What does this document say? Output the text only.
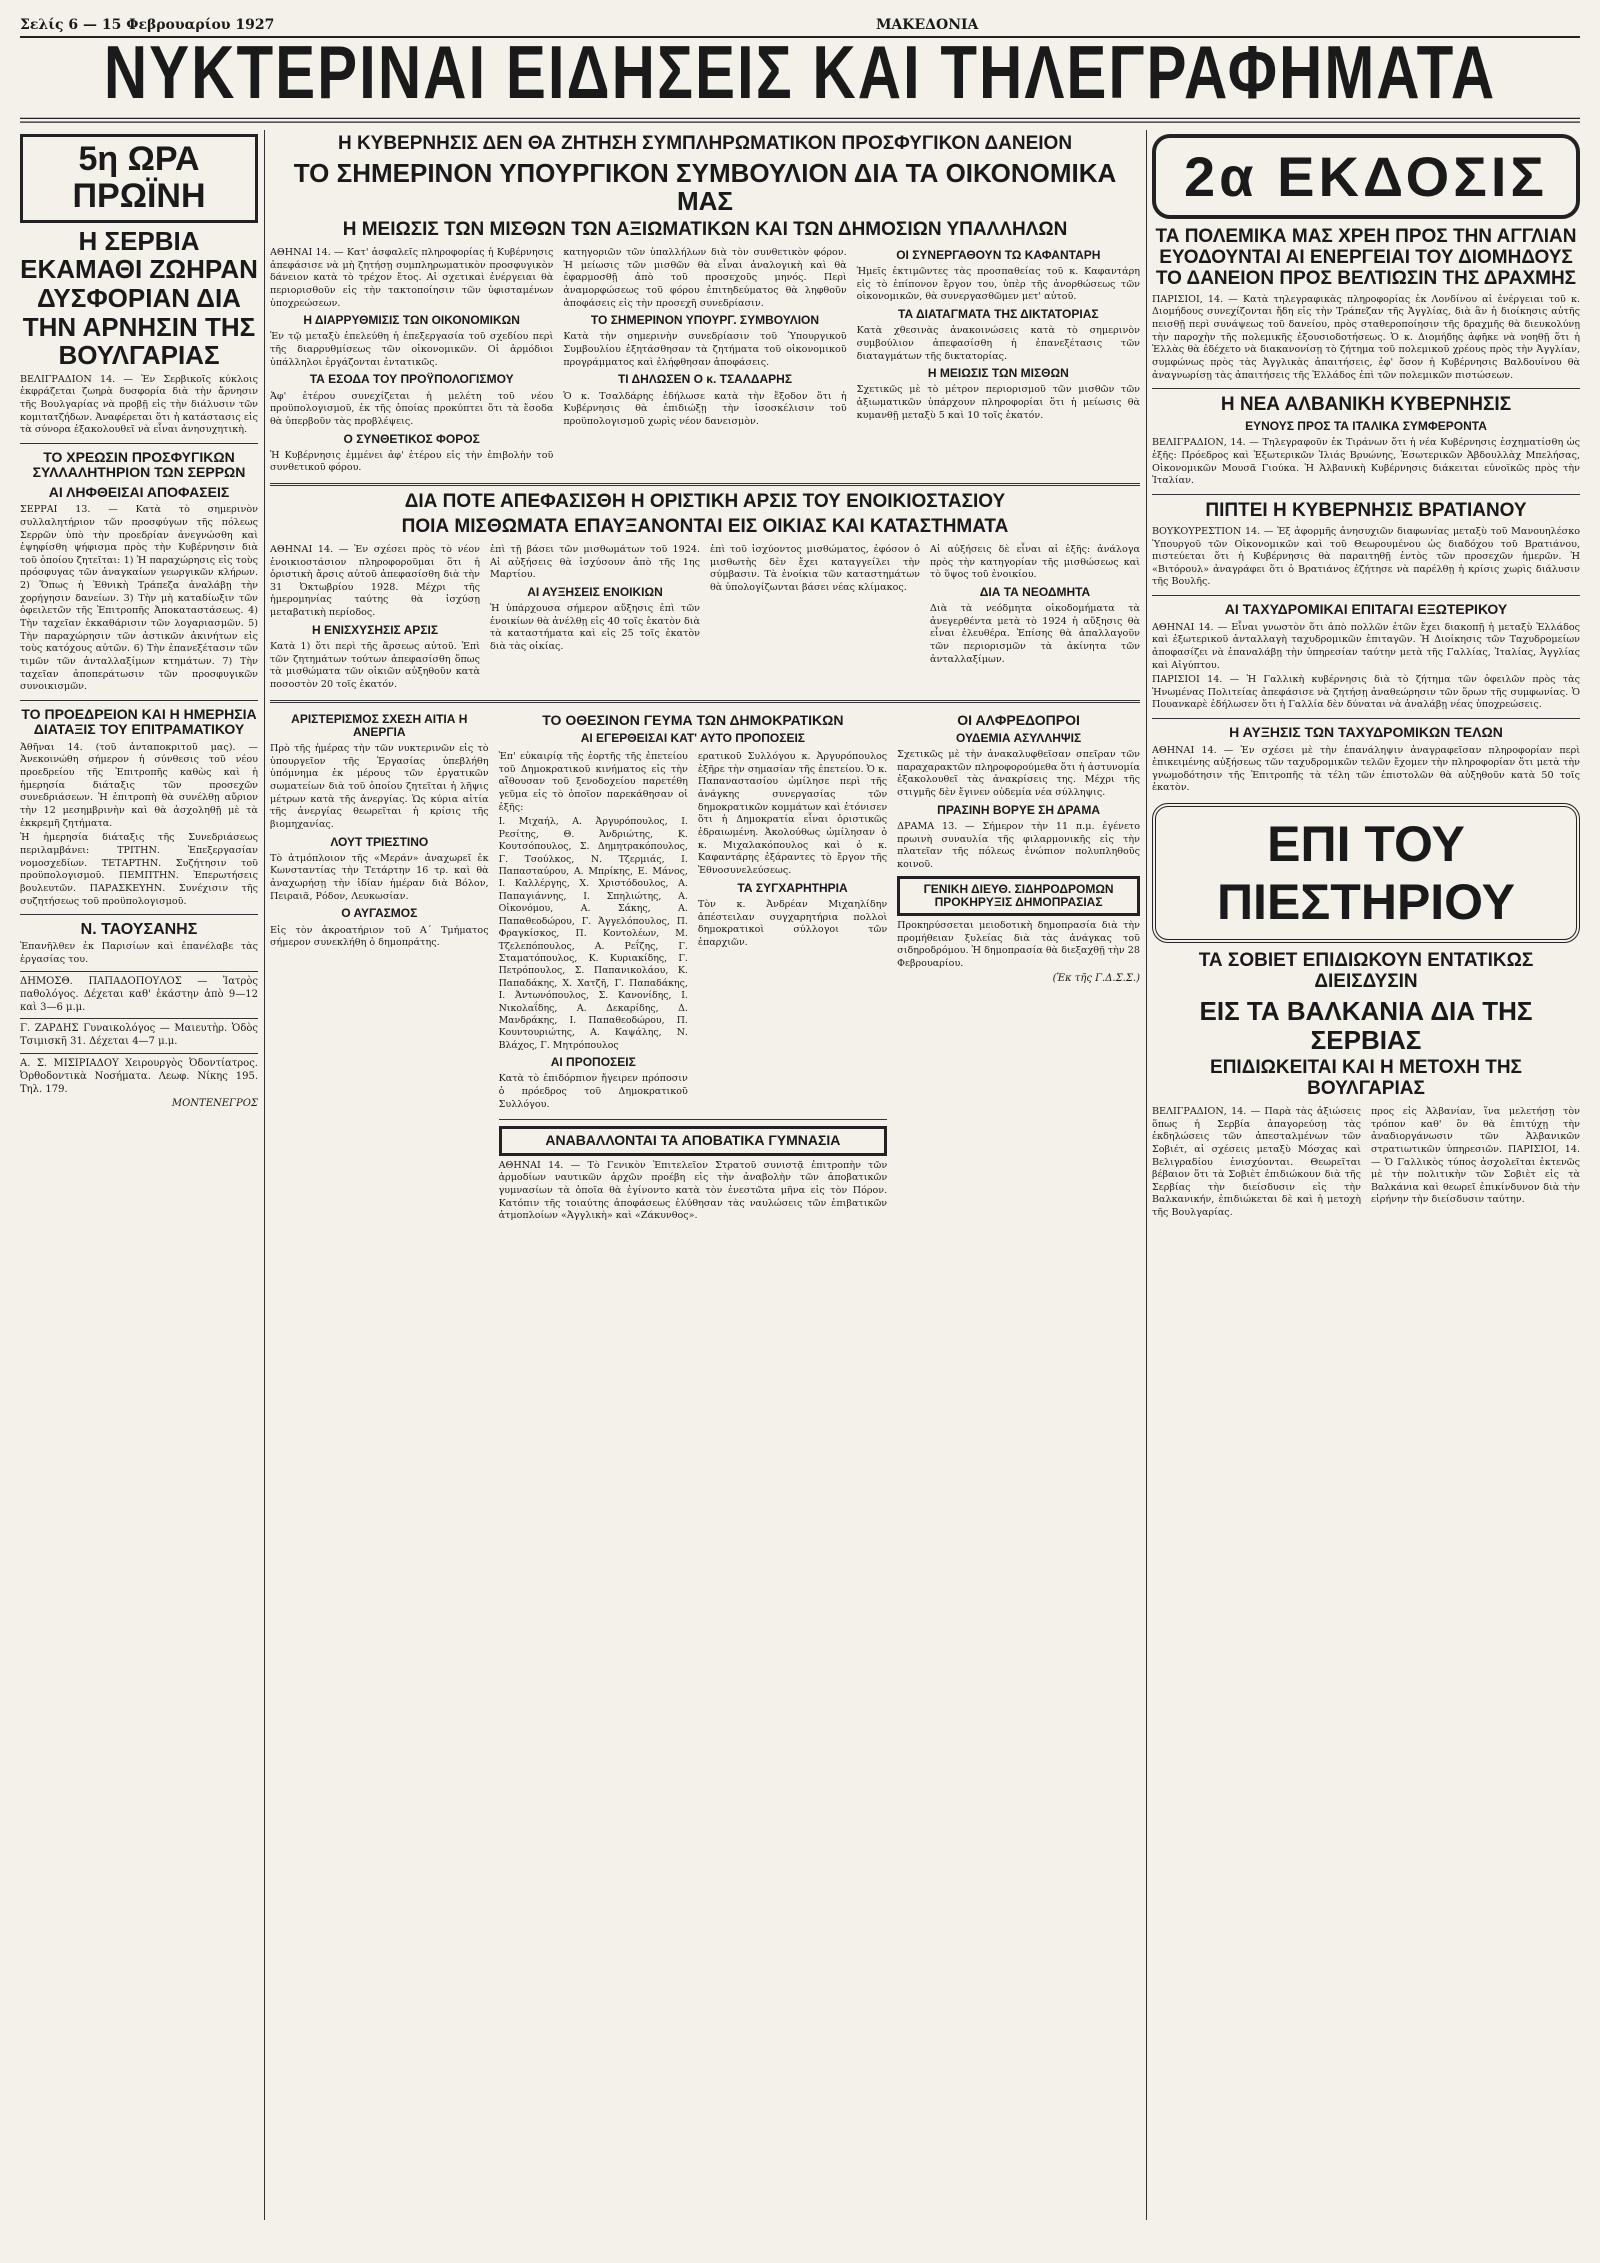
Σελίς 6 — 15 Φεβρουαρίου 1927	ΜΑΚΕΔΟΝΙΑ
ΝΥΚΤΕΡΙΝΑΙ ΕΙΔΗΣΕΙΣ ΚΑΙ ΤΗΛΕΓΡΑΦΗΜΑΤΑ
5η ΩΡΑ ΠΡΩΪΝΗ
Η ΣΕΡΒΙΑ ΕΚΑΜΑΘΙ ΖΩΗΡΑΝ ΔΥΣΦΟΡΙΑΝ ΔΙΑ ΤΗΝ ΑΡΝΗΣΙΝ ΤΗΣ ΒΟΥΛΓΑΡΙΑΣ

ΒΕΛΙΓΡΑΔΙΟΝ 14. — Ἐν Σερβικοῖς κύκλοις ἐκφράζεται ζωηρὰ δυσφορία διὰ τὴν ἄρνησιν τῆς Βουλγαρίας νὰ προβῇ εἰς τὴν διάλυσιν τῶν κομιτατζήδων. Ἀναφέρεται ὅτι ἡ κατάστασις εἰς τὰ σύνορα ἐξακολουθεῖ νὰ εἶναι ἀνησυχητικὴ.

ΤΟ ΧΡΕΩΣΙΝ ΠΡΟΣΦΥΓΙΚΩΝ ΣΥΛΛΑΛΗΤΗΡΙΟΝ ΤΩΝ ΣΕΡΡΩΝ
ΑΙ ΛΗΦΘΕΙΣΑΙ ΑΠΟΦΑΣΕΙΣ

ΣΕΡΡΑΙ 13. — Κατὰ τὸ σημερινὸν συλλαλητήριον τῶν προσφύγων τῆς πόλεως Σερρῶν ὑπὸ τὴν προεδρίαν ἀνεγνώσθη καὶ ἐψηφίσθη ψήφισμα πρὸς τὴν Κυβέρνησιν διὰ τοῦ ὁποίου ζητεῖται: 1) Ἡ παραχώρησις εἰς τοὺς πρόσφυγας τῶν ἀναγκαίων γεωργικῶν κλήρων. 2) Ὅπως ἡ Ἐθνικὴ Τράπεζα ἀναλάβῃ τὴν χορήγησιν δανείων. 3) Τὴν μὴ καταδίωξιν τῶν ὀφειλετῶν τῆς Ἐπιτροπῆς Ἀποκαταστάσεως. 4) Τὴν ταχεῖαν ἐκκαθάρισιν τῶν λογαριασμῶν. 5) Τὴν παραχώρησιν τῶν ἀστικῶν ἀκινήτων εἰς τοὺς κατόχους αὐτῶν. 6) Τὴν ἐπανεξέτασιν τῶν τιμῶν τῶν ἀνταλλαξίμων κτημάτων. 7) Τὴν ταχεῖαν ἀποπεράτωσιν τῶν προσφυγικῶν συνοικισμῶν.

ΤΟ ΠΡΟΕΔΡΕΙΟΝ ΚΑΙ Η ΗΜΕΡΗΣΙΑ ΔΙΑΤΑΞΙΣ ΤΟΥ ΕΠΙΤΡΑΜΑΤΙΚΟΥ

Ἀθῆναι 14. (τοῦ ἀνταποκριτοῦ μας). — Ἀνεκοινώθη σήμερον ἡ σύνθεσις τοῦ νέου προεδρείου τῆς Ἐπιτροπῆς καθὼς καὶ ἡ ἡμερησία διάταξις τῶν προσεχῶν συνεδριάσεων. Ἡ ἐπιτροπὴ θὰ συνέλθῃ αὔριον τὴν 12 μεσημβρινὴν καὶ θὰ ἀσχοληθῇ μὲ τὰ ἐκκρεμῆ ζητήματα.

Ἡ ἡμερησία διάταξις τῆς Συνεδριάσεως περιλαμβάνει: ΤΡΙΤΗΝ. Ἐπεξεργασίαν νομοσχεδίων. ΤΕΤΑΡΤΗΝ. Συζήτησιν τοῦ προϋπολογισμοῦ. ΠΕΜΠΤΗΝ. Ἐπερωτήσεις βουλευτῶν. ΠΑΡΑΣΚΕΥΗΝ. Συνέχισιν τῆς συζητήσεως τοῦ προϋπολογισμοῦ.

Ν. ΤΑΟΥΣΑΝΗΣ

Ἐπανῆλθεν ἐκ Παρισίων καὶ ἐπανέλαβε τὰς ἐργασίας του.

ΔΗΜΟΣΘ. ΠΑΠΑΔΟΠΟΥΛΟΣ — Ἰατρὸς παθολόγος. Δέχεται καθ' ἑκάστην ἀπὸ 9—12 καὶ 3—6 μ.μ.

Γ. ΖΑΡΔΗΣ Γυναικολόγος — Μαιευτὴρ. Ὁδὸς Τσιμισκῆ 31. Δέχεται 4—7 μ.μ.

Α. Σ. ΜΙΣΙΡΙΑΔΟΥ Χειρουργὸς Ὀδοντίατρος. Ὀρθοδοντικὰ Νοσήματα. Λεωφ. Νίκης 195. Τηλ. 179.

ΜΟΝΤΕΝΕΓΡΟΣ
Η ΚΥΒΕΡΝΗΣΙΣ ΔΕΝ ΘΑ ΖΗΤΗΣΗ ΣΥΜΠΛΗΡΩΜΑΤΙΚΟΝ ΠΡΟΣΦΥΓΙΚΟΝ ΔΑΝΕΙΟΝ
ΤΟ ΣΗΜΕΡΙΝΟΝ ΥΠΟΥΡΓΙΚΟΝ ΣΥΜΒΟΥΛΙΟΝ ΔΙΑ ΤΑ ΟΙΚΟΝΟΜΙΚΑ ΜΑΣ
Η ΜΕΙΩΣΙΣ ΤΩΝ ΜΙΣΘΩΝ ΤΩΝ ΑΞΙΩΜΑΤΙΚΩΝ ΚΑΙ ΤΩΝ ΔΗΜΟΣΙΩΝ ΥΠΑΛΛΗΛΩΝ

ΑΘΗΝΑΙ 14. — Κατ' ἀσφαλεῖς πληροφορίας ἡ Κυβέρνησις ἀπεφάσισε νὰ μὴ ζητήσῃ συμπληρωματικὸν προσφυγικὸν δάνειον κατὰ τὸ τρέχον ἔτος. Αἱ σχετικαὶ ἐνέργειαι θὰ περιορισθοῦν εἰς τὴν τακτοποίησιν τῶν ὑφισταμένων ὑποχρεώσεων.

Η ΔΙΑΡΡΥΘΜΙΣΙΣ ΤΩΝ ΟΙΚΟΝΟΜΙΚΩΝ

Ἐν τῷ μεταξὺ ἐπελεύθη ἡ ἐπεξεργασία τοῦ σχεδίου περὶ τῆς διαρρυθμίσεως τῶν οἰκονομικῶν. Οἱ ἁρμόδιοι ὑπάλληλοι ἐργάζονται ἐντατικῶς.

ΤΑ ΕΣΟΔΑ ΤΟΥ ΠΡΟΫΠΟΛΟΓΙΣΜΟΥ

Ἀφ' ἑτέρου συνεχίζεται ἡ μελέτη τοῦ νέου προϋπολογισμοῦ, ἐκ τῆς ὁποίας προκύπτει ὅτι τὰ ἔσοδα θὰ ὑπερβοῦν τὰς προβλέψεις.

Ο ΣΥΝΘΕΤΙΚΟΣ ΦΟΡΟΣ

Ἡ Κυβέρνησις ἐμμένει ἀφ' ἑτέρου εἰς τὴν ἐπιβολὴν τοῦ συνθετικοῦ φόρου.

κατηγοριῶν τῶν ὑπαλλήλων διὰ τὸν συνθετικὸν φόρον. Ἡ μείωσις τῶν μισθῶν θὰ εἶναι ἀναλογικὴ καὶ θὰ ἐφαρμοσθῇ ἀπὸ τοῦ προσεχοῦς μηνός. Περὶ ἀναμορφώσεως τοῦ φόρου ἐπιτηδεύματος θὰ ληφθοῦν ἀποφάσεις εἰς τὴν προσεχῆ συνεδρίασιν.

ΤΟ ΣΗΜΕΡΙΝΟΝ ΥΠΟΥΡΓ. ΣΥΜΒΟΥΛΙΟΝ

Κατὰ τὴν σημερινὴν συνεδρίασιν τοῦ Ὑπουργικοῦ Συμβουλίου ἐξητάσθησαν τὰ ζητήματα τοῦ οἰκονομικοῦ προγράμματος καὶ ἐλήφθησαν ἀποφάσεις.

ΤΙ ΔΗΛΩΣΕΝ Ο κ. ΤΣΑΛΔΑΡΗΣ

Ὁ κ. Τσαλδάρης ἐδήλωσε κατὰ τὴν ἔξοδον ὅτι ἡ Κυβέρνησις θὰ ἐπιδιώξῃ τὴν ἰσοσκέλισιν τοῦ προϋπολογισμοῦ χωρὶς νέον δανεισμὸν.

ΟΙ ΣΥΝΕΡΓΑΘΟΥΝ ΤΩ ΚΑΦΑΝΤΑΡΗ

Ἡμεῖς ἐκτιμῶντες τὰς προσπαθείας τοῦ κ. Καφαντάρη εἰς τὸ ἐπίπονον ἔργον του, ὑπὲρ τῆς ἀνορθώσεως τῶν οἰκονομικῶν, θὰ συνεργασθῶμεν μετ' αὐτοῦ.

ΤΑ ΔΙΑΤΑΓΜΑΤΑ ΤΗΣ ΔΙΚΤΑΤΟΡΙΑΣ

Κατὰ χθεσινὰς ἀνακοινώσεις κατὰ τὸ σημερινὸν συμβούλιον ἀπεφασίσθη ἡ ἐπανεξέτασις τῶν διαταγμάτων τῆς δικτατορίας.

Η ΜΕΙΩΣΙΣ ΤΩΝ ΜΙΣΘΩΝ

Σχετικῶς μὲ τὸ μέτρον περιορισμοῦ τῶν μισθῶν τῶν ἀξιωματικῶν ὑπάρχουν πληροφορίαι ὅτι ἡ μείωσις θὰ κυμανθῇ μεταξὺ 5 καὶ 10 τοῖς ἑκατόν.

ΔΙΑ ΠΟΤΕ ΑΠΕΦΑΣΙΣΘΗ Η ΟΡΙΣΤΙΚΗ ΑΡΣΙΣ ΤΟΥ ΕΝΟΙΚΙΟΣΤΑΣΙΟΥ
ΠΟΙΑ ΜΙΣΘΩΜΑΤΑ ΕΠΑΥΞΑΝΟΝΤΑΙ ΕΙΣ ΟΙΚΙΑΣ ΚΑΙ ΚΑΤΑΣΤΗΜΑΤΑ

ΑΘΗΝΑΙ 14. — Ἐν σχέσει πρὸς τὸ νέον ἐνοικιοστάσιον πληροφοροῦμαι ὅτι ἡ ὁριστικὴ ἄρσις αὐτοῦ ἀπεφασίσθη διὰ τὴν 31 Ὀκτωβρίου 1928. Μέχρι τῆς ἡμερομηνίας ταύτης θὰ ἰσχύσῃ μεταβατικὴ περίοδος.

Η ΕΝΙΣΧΥΣΗΣΙΣ ΑΡΣΙΣ

Κατὰ 1) ὅτι περὶ τῆς ἄρσεως αὐτοῦ. Ἐπὶ τῶν ζητημάτων τούτων ἀπεφασίσθη ὅπως τὰ μισθώματα τῶν οἰκιῶν αὐξηθοῦν κατὰ ποσοστὸν 20 τοῖς ἑκατόν.

ἐπὶ τῇ βάσει τῶν μισθωμάτων τοῦ 1924. Αἱ αὐξήσεις θὰ ἰσχύσουν ἀπὸ τῆς 1ης Μαρτίου.

ΑΙ ΑΥΞΗΣΕΙΣ ΕΝΟΙΚΙΩΝ

Ἡ ὑπάρχουσα σήμερον αὔξησις ἐπὶ τῶν ἐνοικίων θὰ ἀνέλθῃ εἰς 40 τοῖς ἑκατὸν διὰ τὰ καταστήματα καὶ εἰς 25 τοῖς ἑκατὸν διὰ τὰς οἰκίας.

ἐπὶ τοῦ ἰσχύοντος μισθώματος, ἐφόσον ὁ μισθωτὴς δὲν ἔχει καταγγείλει τὴν σύμβασιν. Τὰ ἐνοίκια τῶν καταστημάτων θὰ ὑπολογίζωνται βάσει νέας κλίμακος.

Αἱ αὐξήσεις δὲ εἶναι αἱ ἑξῆς: ἀνάλογα πρὸς τὴν κατηγορίαν τῆς μισθώσεως καὶ τὸ ὕψος τοῦ ἐνοικίου.

ΔΙΑ ΤΑ ΝΕΟΔΜΗΤΑ

Διὰ τὰ νεόδμητα οἰκοδομήματα τὰ ἀνεγερθέντα μετὰ τὸ 1924 ἡ αὔξησις θὰ εἶναι ἐλευθέρα. Ἐπίσης θὰ ἀπαλλαγοῦν τῶν περιορισμῶν τὰ ἀκίνητα τῶν ἀνταλλαξίμων.

ΑΡΙΣΤΕΡΙΣΜΟΣ ΣΧΕΣΗ ΑΙΤΙΑ Η ΑΝΕΡΓΙΑ

Πρὸ τῆς ἡμέρας τὴν τῶν νυκτερινῶν εἰς τὸ ὑπουργεῖον τῆς Ἐργασίας ὑπεβλήθη ὑπόμνημα ἐκ μέρους τῶν ἐργατικῶν σωματείων διὰ τοῦ ὁποίου ζητεῖται ἡ λῆψις μέτρων κατὰ τῆς ἀνεργίας. Ὡς κύρια αἰτία τῆς ἀνεργίας θεωρεῖται ἡ κρίσις τῆς βιομηχανίας.

ΛΟΥΤ ΤΡΙΕΣΤΙΝΟ

Τὸ ἀτμόπλοιον τῆς «Μεράν» ἀναχωρεῖ ἐκ Κωνσταντίας τὴν Τετάρτην 16 τρ. καὶ θὰ ἀναχωρήσῃ τὴν ἰδίαν ἡμέραν διὰ Βόλον, Πειραιᾶ, Ρόδον, Λευκωσίαν.

Ο ΑΥΓΑΣΜΟΣ

Εἰς τὸν ἀκροατήριον τοῦ Α΄ Τμήματος σήμερον συνεκλήθη ὁ δημοπράτης.

ΤΟ ΟΘΕΣΙΝΟΝ ΓΕΥΜΑ ΤΩΝ ΔΗΜΟΚΡΑΤΙΚΩΝ
ΑΙ ΕΓΕΡΘΕΙΣΑΙ ΚΑΤ' ΑΥΤΟ ΠΡΟΠΟΣΕΙΣ

Ἐπ' εὐκαιρίᾳ τῆς ἑορτῆς τῆς ἐπετείου τοῦ Δημοκρατικοῦ κινήματος εἰς τὴν αἴθουσαν τοῦ ξενοδοχείου παρετέθη γεῦμα εἰς τὸ ὁποῖον παρεκάθησαν οἱ ἑξῆς:

Ι. Μιχαήλ , Α. Ἀργυρόπουλος , Ι. Ρεσίτης	, Θ. Ἀνδριώτης	, Κ. Κουτσόπουλος , Σ. Δημητρακόπουλος, Γ. Τσούλκος , Ν. Τζερμιάς , Ι. Παπασταύρου , Α. Μπρίκης , Ε. Μάνος, Ι. Καλλέργης , Χ. Χριστόδουλος , Α. Παπαγιάννης , Ι. Σπηλιώτης , Α. Οἰκονόμου	, Α. Σάκης	, Α. Παπαθεοδώρου , Γ. Ἀγγελόπουλος , Π. Φραγκίσκος , Π. Κοντολέων , Μ. Τζελεπόπουλος , Α. Ρεΐζης , Γ. Σταματόπουλος , Κ. Κυριακίδης , Γ. Πετρόπουλος , Σ. Παπανικολάου , Κ. Παπαδάκης , Χ. Χατζῆ , Γ. Παπαδάκης, Ι. Ἀντωνόπουλος , Σ. Κανονίδης , Ι. Νικολαΐδης , Α. Δεκαρίδης , Δ. Μανδράκης , Ι. Παπαθεοδώρου , Π. Κουντουριώτης , Α. Καψάλης , Ν. Βλάχος , Γ. Μητρόπουλος
ΑΙ ΠΡΟΠΟΣΕΙΣ

Κατὰ τὸ ἐπιδόρπιον ἤγειρεν πρόποσιν ὁ πρόεδρος τοῦ Δημοκρατικοῦ Συλλόγου.

ερατικοῦ Συλλόγου κ. Ἀργυρόπουλος ἐξῆρε τὴν σημασίαν τῆς ἐπετείου. Ὁ κ. Παπαναστασίου ὡμίλησε περὶ τῆς ἀνάγκης συνεργασίας τῶν δημοκρατικῶν κομμάτων καὶ ἐτόνισεν ὅτι ἡ Δημοκρατία εἶναι ὁριστικῶς ἐδραιωμένη. Ἀκολούθως ὡμίλησαν ὁ κ. Μιχαλακόπουλος καὶ ὁ κ. Καφαντάρης ἐξάραντες τὸ ἔργον τῆς Ἐθνοσυνελεύσεως.

ΤΑ ΣΥΓΧΑΡΗΤΗΡΙΑ

Τὸν κ. Ἀνδρέαν Μιχαηλίδην ἀπέστειλαν συγχαρητήρια πολλοὶ δημοκρατικοὶ σύλλογοι τῶν ἐπαρχιῶν.

ΑΝΑΒΑΛΛΟΝΤΑΙ ΤΑ ΑΠΟΒΑΤΙΚΑ ΓΥΜΝΑΣΙΑ

ΑΘΗΝΑΙ 14. — Τὸ Γενικὸν Ἐπιτελεῖον Στρατοῦ συνιστᾷ ἐπιτροπὴν τῶν ἁρμοδίων ναυτικῶν ἀρχῶν προέβη εἰς τὴν ἀναβολὴν τῶν ἀποβατικῶν γυμνασίων τὰ ὁποῖα θὰ ἐγίνοντο κατὰ τὸν ἐνεστῶτα μῆνα εἰς τὸν Πόρον. Κατόπιν τῆς τοιαύτης ἀποφάσεως ἐλύθησαν τὰς ναυλώσεις τῶν ἐπιβατικῶν ἀτμοπλοίων «Ἀγγλικὴ» καὶ «Ζάκυνθος».

ΟΙ ΑΛΦΡΕΔΟΠΡΟΙ
ΟΥΔΕΜΙΑ ΑΣΥΛΛΗΨΙΣ

Σχετικῶς μὲ τὴν ἀνακαλυφθεῖσαν σπεῖραν τῶν παραχαρακτῶν πληροφορούμεθα ὅτι ἡ ἀστυνομία ἐξακολουθεῖ τὰς ἀνακρίσεις της. Μέχρι τῆς στιγμῆς δὲν ἔγινεν οὐδεμία νέα σύλληψις.

ΠΡΑΣΙΝΗ ΒΟΡΥΕ ΣΗ ΔΡΑΜΑ

ΔΡΑΜΑ 13. — Σήμερον τὴν 11 π.μ. ἐγένετο πρωινὴ συναυλία τῆς φιλαρμονικῆς εἰς τὴν πλατεῖαν τῆς πόλεως ἐνώπιον πολυπληθοῦς κοινοῦ.

ΓΕΝΙΚΗ ΔΙΕΥΘ. ΣΙΔΗΡΟΔΡΟΜΩΝ ΠΡΟΚΗΡΥΞΙΣ ΔΗΜΟΠΡΑΣΙΑΣ

Προκηρύσσεται μειοδοτικὴ δημοπρασία διὰ τὴν προμήθειαν ξυλείας διὰ τὰς ἀνάγκας τοῦ σιδηροδρόμου. Ἡ δημοπρασία θὰ διεξαχθῇ τὴν 28 Φεβρουαρίου.

(Ἐκ τῆς Γ.Δ.Σ.Σ.)
2α ΕΚΔΟΣΙΣ
ΤΑ ΠΟΛΕΜΙΚΑ ΜΑΣ ΧΡΕΗ ΠΡΟΣ ΤΗΝ ΑΓΓΛΙΑΝ ΕΥΟΔΟΥΝΤΑΙ ΑΙ ΕΝΕΡΓΕΙΑΙ ΤΟΥ ΔΙΟΜΗΔΟΥΣ ΤΟ ΔΑΝΕΙΟΝ ΠΡΟΣ ΒΕΛΤΙΩΣΙΝ ΤΗΣ ΔΡΑΧΜΗΣ

ΠΑΡΙΣΙΟΙ, 14. — Κατὰ τηλεγραφικὰς πληροφορίας ἐκ Λονδίνου αἱ ἐνέργειαι τοῦ κ. Διομήδους συνεχίζονται ἤδη εἰς τὴν Τράπεζαν τῆς Ἀγγλίας, διὰ ἃν ἡ διοίκησις αὐτῆς πεισθῇ περὶ συνάψεως τοῦ δανείου, πρὸς σταθεροποίησιν τῆς δραχμῆς θὰ διευκολύνῃ τὴν παροχὴν τῆς πολεμικῆς ἐξουσιοδοτήσεως. Ὁ κ. Διομήδης ἀφῆκε νὰ νοηθῇ ὅτι ἡ Ἑλλὰς θὰ ἐδέχετο νὰ διακανονίσῃ τὸ ζήτημα τοῦ πολεμικοῦ χρέους πρὸς τὴν Ἀγγλίαν, συμφώνως πρὸς τὰς Ἀγγλικὰς ἀπαιτήσεις, ἐφ' ὅσον ἡ Κυβέρνησις Βαλδουίνου θὰ ἀναγνωρίσῃ τὰς ἀπαιτήσεις τῆς Ἑλλάδος ἐπὶ τῶν πολεμικῶν πιστώσεων.

Η ΝΕΑ ΑΛΒΑΝΙΚΗ ΚΥΒΕΡΝΗΣΙΣ
ΕΥΝΟΥΣ ΠΡΟΣ ΤΑ ΙΤΑΛΙΚΑ ΣΥΜΦΕΡΟΝΤΑ

ΒΕΛΙΓΡΑΔΙΟΝ, 14. — Τηλεγραφοῦν ἐκ Τιράνων ὅτι ἡ νέα Κυβέρνησις ἐσχηματίσθη ὡς ἑξῆς: Πρόεδρος καὶ Ἐξωτερικῶν Ἰλιάς Βρυώνης, Ἐσωτερικῶν Ἀβδουλλὰχ Μπελήσας, Οἰκονομικῶν Μουσᾶ Γιούκα. Ἡ Ἀλβανικὴ Κυβέρνησις διάκειται εὐνοϊκῶς πρὸς τὴν Ἰταλίαν.

ΠΙΠΤΕΙ Η ΚΥΒΕΡΝΗΣΙΣ ΒΡΑΤΙΑΝΟΥ

ΒΟΥΚΟΥΡΕΣΤΙΟΝ 14. — Ἐξ ἀφορμῆς ἀνησυχιῶν διαφωνίας μεταξὺ τοῦ Μανουηλέσκο Ὑπουργοῦ τῶν Οἰκονομικῶν καὶ τοῦ Θεωρουμένου ὡς διαδόχου τοῦ Βρατιάνου, πιστεύεται ὅτι ἡ Κυβέρνησις θὰ παραιτηθῇ ἐντὸς τῶν προσεχῶν ἡμερῶν. Ἡ «Βιτόρουλ» ἀναγράφει ὅτι ὁ Βρατιάνος ἐζήτησε νὰ παρέλθῃ ἡ κρίσις χωρὶς διάλυσιν τῆς Βουλῆς.

ΑΙ ΤΑΧΥΔΡΟΜΙΚΑΙ ΕΠΙΤΑΓΑΙ ΕΞΩΤΕΡΙΚΟΥ

ΑΘΗΝΑΙ 14. — Εἶναι γνωστὸν ὅτι ἀπὸ πολλῶν ἐτῶν ἔχει διακοπῇ ἡ μεταξὺ Ἑλλάδος καὶ ἐξωτερικοῦ ἀνταλλαγὴ ταχυδρομικῶν ἐπιταγῶν. Ἡ Διοίκησις τῶν Ταχυδρομείων ἀποφασίζει νὰ ἐπαναλάβῃ τὴν ὑπηρεσίαν ταύτην μετὰ τῆς Γαλλίας, Ἰταλίας, Ἀγγλίας καὶ Αἰγύπτου.

ΠΑΡΙΣΙΟΙ 14. — Ἡ Γαλλικὴ κυβέρνησις διὰ τὸ ζήτημα τῶν ὀφειλῶν πρὸς τὰς Ἡνωμένας Πολιτείας ἀπεφάσισε νὰ ζητήσῃ ἀναθεώρησιν τῶν ὅρων τῆς συμφωνίας. Ὁ Πουανκαρὲ ἐδήλωσεν ὅτι ἡ Γαλλία δὲν δύναται νὰ ἀναλάβῃ νέας ὑποχρεώσεις.

Η ΑΥΞΗΣΙΣ ΤΩΝ ΤΑΧΥΔΡΟΜΙΚΩΝ ΤΕΛΩΝ

ΑΘΗΝΑΙ 14. — Ἐν σχέσει μὲ τὴν ἐπανάληψιν ἀναγραφεῖσαν πληροφορίαν περὶ ἐπικειμένης αὐξήσεως τῶν ταχυδρομικῶν τελῶν ἔχομεν τὴν πληροφορίαν ὅτι μετὰ τὴν γνωμοδότησιν τῆς Ἐπιτροπῆς τὰ τέλη τῶν ἐπιστολῶν θὰ αὐξηθοῦν κατὰ 50 τοῖς ἑκατὸν.

ΕΠΙ ΤΟΥ ΠΙΕΣΤΗΡΙΟΥ
ΤΑ ΣΟΒΙΕΤ ΕΠΙΔΙΩΚΟΥΝ ΕΝΤΑΤΙΚΩΣ ΔΙΕΙΣΔΥΣΙΝ
ΕΙΣ ΤΑ ΒΑΛΚΑΝΙΑ ΔΙΑ ΤΗΣ ΣΕΡΒΙΑΣ
ΕΠΙΔΙΩΚΕΙΤΑΙ ΚΑΙ Η ΜΕΤΟΧΗ ΤΗΣ ΒΟΥΛΓΑΡΙΑΣ

ΒΕΛΙΓΡΑΔΙΟΝ, 14. — Παρὰ τὰς ἀξιώσεις ὅπως ἡ Σερβία ἀπαγορεύσῃ τὰς ἐκδηλώσεις τῶν ἀπεσταλμένων τῶν Σοβιέτ, αἱ σχέσεις μεταξὺ Μόσχας καὶ Βελιγραδίου ἐνισχύονται. Θεωρεῖται βέβαιον ὅτι τὰ Σοβιὲτ ἐπιδιώκουν διὰ τῆς Σερβίας τὴν διείσδυσιν εἰς τὴν Βαλκανικήν, ἐπιδιώκεται δὲ καὶ ἡ μετοχὴ τῆς Βουλγαρίας.

προς εἰς Ἀλβανίαν, ἵνα μελετήσῃ τὸν τρόπον καθ' ὃν θὰ ἐπιτύχῃ τὴν ἀναδιοργάνωσιν τῶν Ἀλβανικῶν στρατιωτικῶν ὑπηρεσιῶν. ΠΑΡΙΣΙΟΙ, 14. — Ὁ Γαλλικὸς τύπος ἀσχολεῖται ἐκτενῶς μὲ τὴν πολιτικὴν τῶν Σοβιὲτ εἰς τὰ Βαλκάνια καὶ θεωρεῖ ἐπικίνδυνον διὰ τὴν εἰρήνην τὴν διείσδυσιν ταύτην.
